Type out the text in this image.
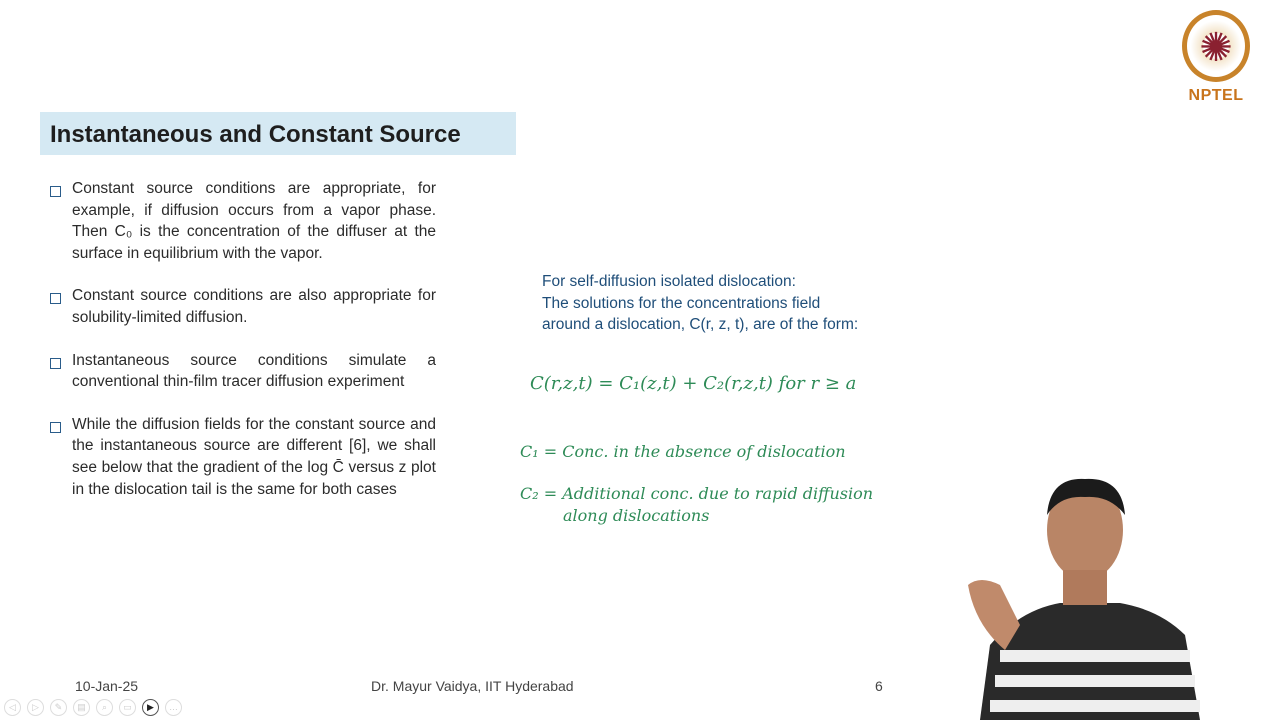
✺
NPTEL
Instantaneous and Constant Source

Constant source conditions are appropriate, for example, if diffusion occurs from a vapor phase. Then C₀ is the concentration of the diffuser at the surface in equilibrium with the vapor.

Constant source conditions are also appropriate for solubility-limited diffusion.

Instantaneous source conditions simulate a conventional thin-film tracer diffusion experiment

While the diffusion fields for the constant source and the instantaneous source are different [6], we shall see below that the gradient of the log C̄ versus z plot in the dislocation tail is the same for both cases

For self-diffusion isolated dislocation:
The solutions for the concentrations field
around a dislocation, C(r, z, t), are of the form:
C(r,z,t) = C₁(z,t) + C₂(r,z,t) for r ≥ a
C₁ = Conc. in the absence of dislocation
C₂ = Additional conc. due to rapid diffusion
along dislocations
10-Jan-25	Dr. Mayur Vaidya, IIT Hyderabad	6
◁	▷	✎	▤	⌕	▭	▶	…
